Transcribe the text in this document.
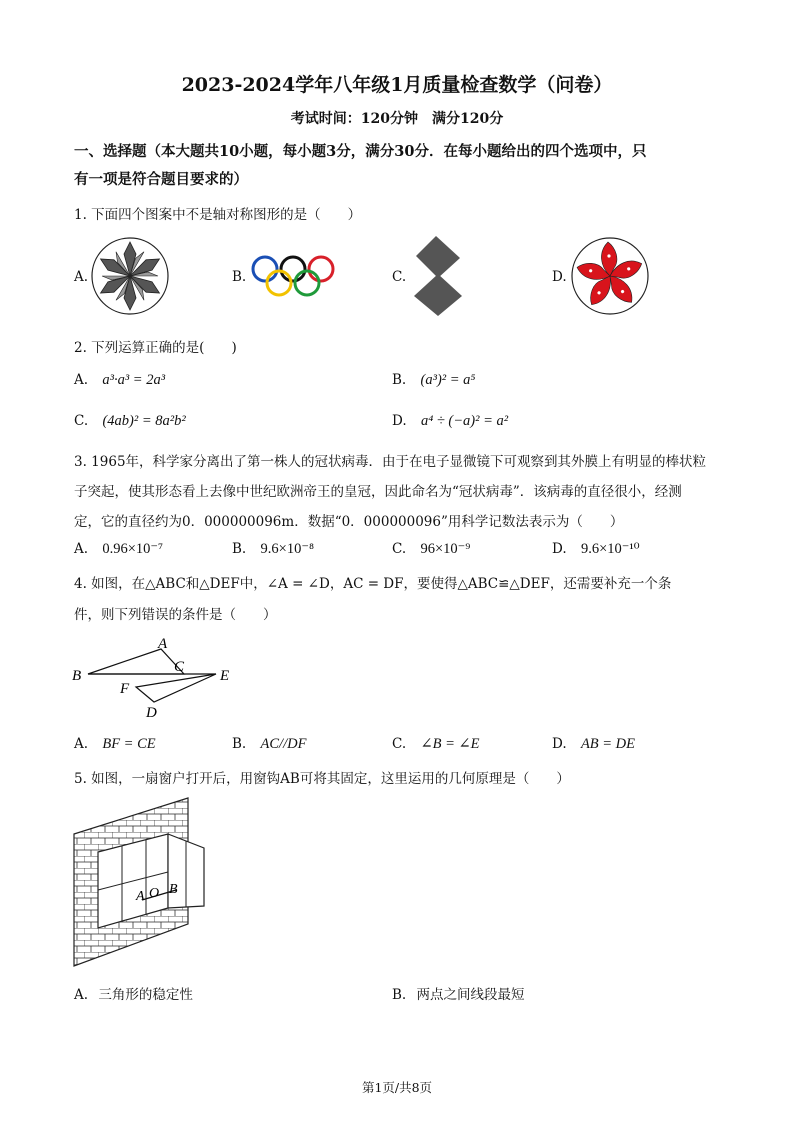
2023-2024学年八年级1月质量检查数学（问卷）
考试时间：120分钟　满分120分
一、选择题（本大题共10小题，每小题3分，满分30分．在每小题给出的四个选项中，只
有一项是符合题目要求的）
1. 下面四个图案中不是轴对称图形的是（　　）
A.	B.	C.	D.
2. 下列运算正确的是(　　)
A. a³·a³ = 2a³	B. (a³)² = a⁵
C. (4ab)² = 8a²b²	D. a⁴ ÷ (−a)² = a²
3. 1965年，科学家分离出了第一株人的冠状病毒．由于在电子显微镜下可观察到其外膜上有明显的棒状粒
子突起，使其形态看上去像中世纪欧洲帝王的皇冠，因此命名为“冠状病毒”．该病毒的直径很小，经测
定，它的直径约为0．000000096m．数据“0．000000096”用科学记数法表示为（　　）
A. 0.96×10⁻⁷	B. 9.6×10⁻⁸	C. 96×10⁻⁹	D. 9.6×10⁻¹⁰
4. 如图，在△ABC和△DEF中，∠A = ∠D，AC = DF，要使得△ABC≌△DEF，还需要补充一个条
件，则下列错误的条件是（　　）
A
B
C
D
E
F
A. BF = CE	B. AC//DF	C. ∠B = ∠E	D. AB = DE
5. 如图，一扇窗户打开后，用窗钩AB可将其固定，这里运用的几何原理是（　　）
A O B
A. 三角形的稳定性	B. 两点之间线段最短
第1页/共8页
